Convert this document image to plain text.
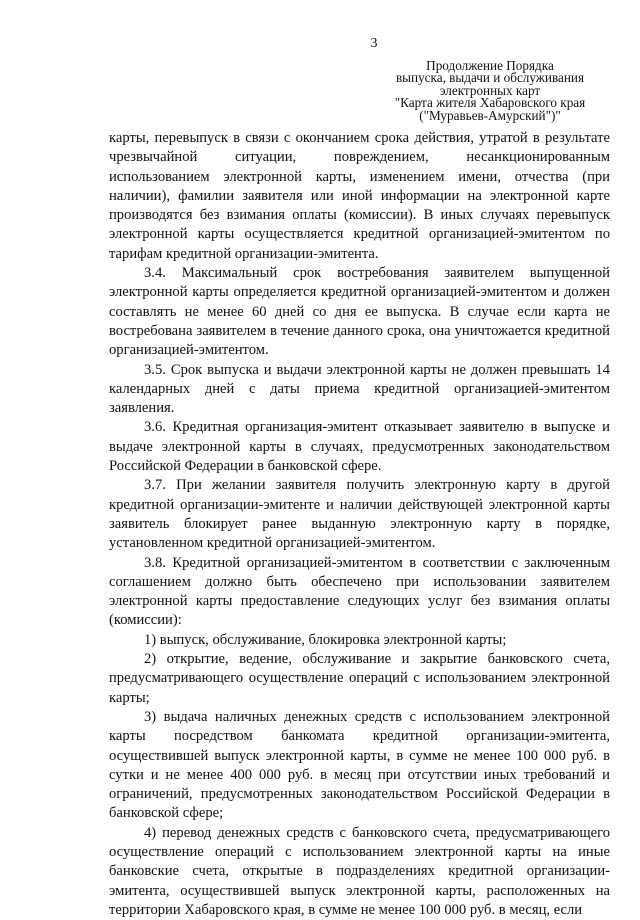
3
Продолжение Порядка
выпуска, выдачи и обслуживания
электронных карт
"Карта жителя Хабаровского края
("Муравьев-Амурский")"

карты, перевыпуск в связи с окончанием срока действия, утратой в результате чрезвычайной ситуации, повреждением, несанкционированным использованием электронной карты, изменением имени, отчества (при наличии), фамилии заявителя или иной информации на электронной карте производятся без взимания оплаты (комиссии). В иных случаях перевыпуск электронной карты осуществляется кредитной организацией-эмитентом по тарифам кредитной организации-эмитента.

3.4. Максимальный срок востребования заявителем выпущенной электронной карты определяется кредитной организацией-эмитентом и должен составлять не менее 60 дней со дня ее выпуска. В случае если карта не востребована заявителем в течение данного срока, она уничтожается кредитной организацией-эмитентом.

3.5. Срок выпуска и выдачи электронной карты не должен превышать 14 календарных дней с даты приема кредитной организацией-эмитентом заявления.

3.6. Кредитная организация-эмитент отказывает заявителю в выпуске и выдаче электронной карты в случаях, предусмотренных законодательством Российской Федерации в банковской сфере.

3.7. При желании заявителя получить электронную карту в другой кредитной организации-эмитенте и наличии действующей электронной карты заявитель блокирует ранее выданную электронную карту в порядке, установленном кредитной организацией-эмитентом.

3.8. Кредитной организацией-эмитентом в соответствии с заключенным соглашением должно быть обеспечено при использовании заявителем электронной карты предоставление следующих услуг без взимания оплаты (комиссии):

1) выпуск, обслуживание, блокировка электронной карты;

2) открытие, ведение, обслуживание и закрытие банковского счета, предусматривающего осуществление операций с использованием электронной карты;

3) выдача наличных денежных средств с использованием электронной карты посредством банкомата кредитной организации-эмитента, осуществившей выпуск электронной карты, в сумме не менее 100 000 руб. в сутки и не менее 400 000 руб. в месяц при отсутствии иных требований и ограничений, предусмотренных законодательством Российской Федерации в банковской сфере;

4) перевод денежных средств с банковского счета, предусматривающего осуществление операций с использованием электронной карты на иные банковские счета, открытые в подразделениях кредитной организации-эмитента, осуществившей выпуск электронной карты, расположенных на территории Хабаровского края, в сумме не менее 100 000 руб. в месяц, если
